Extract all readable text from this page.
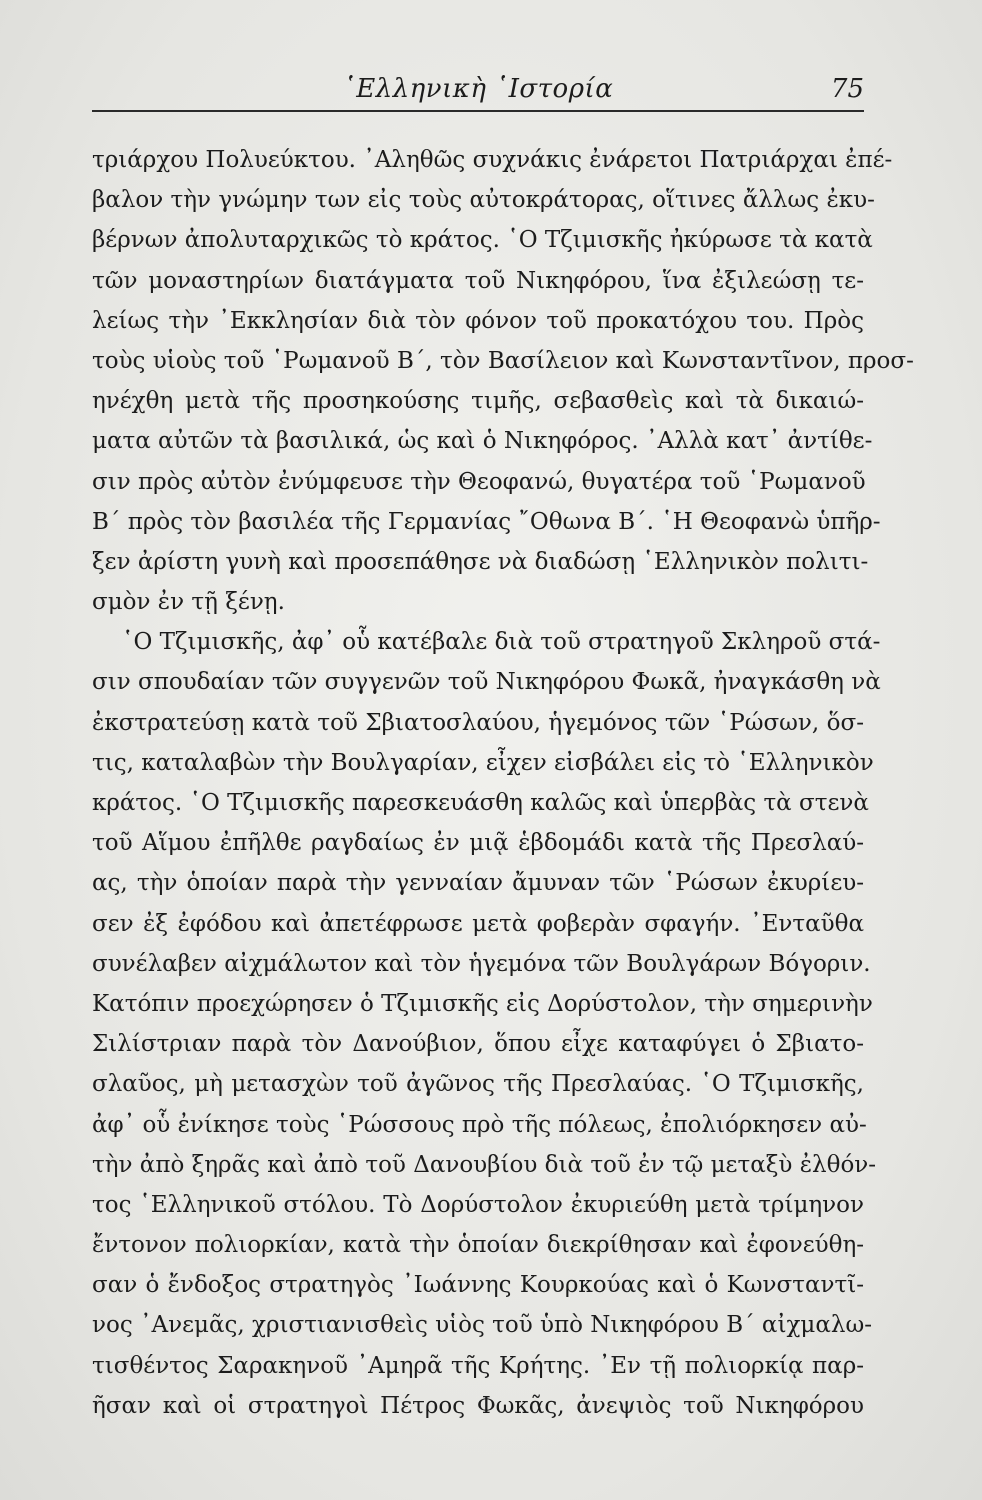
῾Ελληνικὴ ῾Ιστορία	75
τριάρχου Πολυεύκτου. ᾿Αληθῶς συχνάκις ἐνάρετοι Πατριάρχαι ἐπέ-
βαλον τὴν γνώμην των εἰς τοὺς αὐτοκράτορας, οἵτινες ἄλλως ἐκυ-
βέρνων ἀπολυταρχικῶς τὸ κράτος. ῾Ο Τζιμισκῆς ἠκύρωσε τὰ κατὰ
τῶν μοναστηρίων διατάγματα τοῦ Νικηφόρου, ἵνα ἐξιλεώσῃ τε-
λείως τὴν ᾿Εκκλησίαν διὰ τὸν φόνον τοῦ προκατόχου του. Πρὸς
τοὺς υἱοὺς τοῦ ῾Ρωμανοῦ Β΄, τὸν Βασίλειον καὶ Κωνσταντῖνον, προσ-
ηνέχθη μετὰ τῆς προσηκούσης τιμῆς, σεβασθεὶς καὶ τὰ δικαιώ-
ματα αὐτῶν τὰ βασιλικά, ὡς καὶ ὁ Νικηφόρος. ᾿Αλλὰ κατ᾿ ἀντίθε-
σιν πρὸς αὐτὸν ἐνύμφευσε τὴν Θεοφανώ, θυγατέρα τοῦ ῾Ρωμανοῦ
Β΄ πρὸς τὸν βασιλέα τῆς Γερμανίας ῎Οθωνα Β΄. ῾Η Θεοφανὼ ὑπῆρ-
ξεν ἀρίστη γυνὴ καὶ προσεπάθησε νὰ διαδώσῃ ῾Ελληνικὸν πολιτι-
σμὸν ἐν τῇ ξένῃ.
῾Ο Τζιμισκῆς, ἀφ᾿ οὗ κατέβαλε διὰ τοῦ στρατηγοῦ Σκληροῦ στά-
σιν σπουδαίαν τῶν συγγενῶν τοῦ Νικηφόρου Φωκᾶ, ἠναγκάσθη νὰ
ἐκστρατεύσῃ κατὰ τοῦ Σβιατοσλαύου, ἡγεμόνος τῶν ῾Ρώσων, ὅσ-
τις, καταλαβὼν τὴν Βουλγαρίαν, εἶχεν εἰσβάλει εἰς τὸ ῾Ελληνικὸν
κράτος. ῾Ο Τζιμισκῆς παρεσκευάσθη καλῶς καὶ ὑπερβὰς τὰ στενὰ
τοῦ Αἵμου ἐπῆλθε ραγδαίως ἐν μιᾷ ἑβδομάδι κατὰ τῆς Πρεσλαύ-
ας, τὴν ὁποίαν παρὰ τὴν γενναίαν ἄμυναν τῶν ῾Ρώσων ἐκυρίευ-
σεν ἐξ ἐφόδου καὶ ἀπετέφρωσε μετὰ φοβερὰν σφαγήν. ᾿Ενταῦθα
συνέλαβεν αἰχμάλωτον καὶ τὸν ἡγεμόνα τῶν Βουλγάρων Βόγοριν.
Κατόπιν προεχώρησεν ὁ Τζιμισκῆς εἰς Δορύστολον, τὴν σημερινὴν
Σιλίστριαν παρὰ τὸν Δανούβιον, ὅπου εἶχε καταφύγει ὁ Σβιατο-
σλαῦος, μὴ μετασχὼν τοῦ ἀγῶνος τῆς Πρεσλαύας. ῾Ο Τζιμισκῆς,
ἀφ᾿ οὗ ἐνίκησε τοὺς ῾Ρώσσους πρὸ τῆς πόλεως, ἐπολιόρκησεν αὐ-
τὴν ἀπὸ ξηρᾶς καὶ ἀπὸ τοῦ Δανουβίου διὰ τοῦ ἐν τῷ μεταξὺ ἐλθόν-
τος ῾Ελληνικοῦ στόλου. Τὸ Δορύστολον ἐκυριεύθη μετὰ τρίμηνον
ἔντονον πολιορκίαν, κατὰ τὴν ὁποίαν διεκρίθησαν καὶ ἐφονεύθη-
σαν ὁ ἔνδοξος στρατηγὸς ᾿Ιωάννης Κουρκούας καὶ ὁ Κωνσταντῖ-
νος ᾿Ανεμᾶς, χριστιανισθεὶς υἱὸς τοῦ ὑπὸ Νικηφόρου Β΄ αἰχμαλω-
τισθέντος Σαρακηνοῦ ᾿Αμηρᾶ τῆς Κρήτης. ᾿Εν τῇ πολιορκίᾳ παρ-
ῆσαν καὶ οἱ στρατηγοὶ Πέτρος Φωκᾶς, ἀνεψιὸς τοῦ Νικηφόρου
